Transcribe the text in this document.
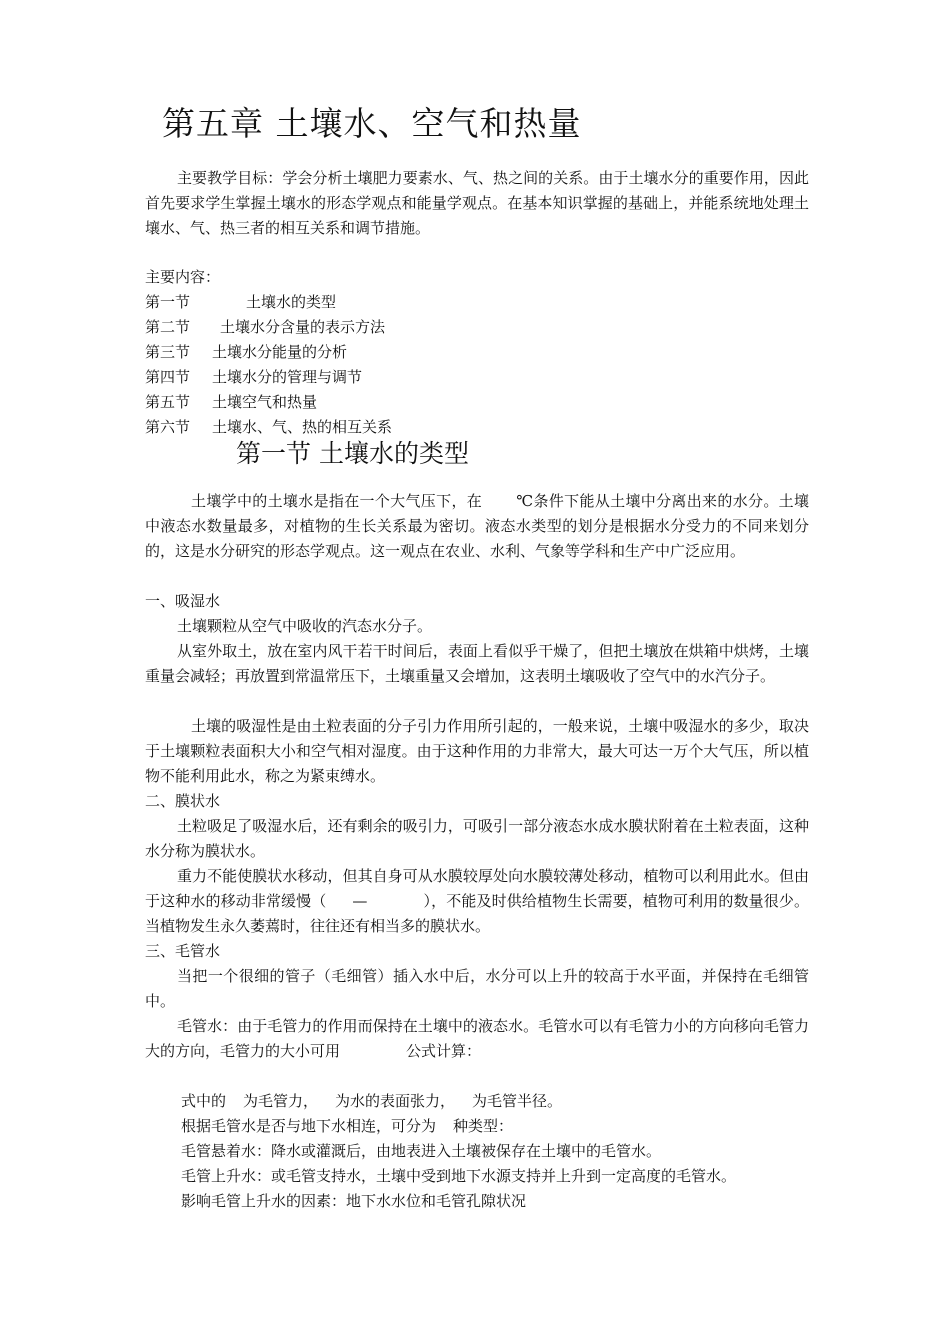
第五章 土壤水、空气和热量
主要教学目标：学会分析土壤肥力要素水、气、热之间的关系。由于土壤水分的重要作用，因此首先要求学生掌握土壤水的形态学观点和能量学观点。在基本知识掌握的基础上，并能系统地处理土壤水、气、热三者的相互关系和调节措施。
主要内容：
第一节	土壤水的类型
第二节 土壤水分含量的表示方法
第三节 土壤水分能量的分析
第四节 土壤水分的管理与调节
第五节 土壤空气和热量
第六节 土壤水、气、热的相互关系
第一节 土壤水的类型
土壤学中的土壤水是指在一个大气压下，在 ℃条件下能从土壤中分离出来的水分。土壤中液态水数量最多，对植物的生长关系最为密切。液态水类型的划分是根据水分受力的不同来划分的，这是水分研究的形态学观点。这一观点在农业、水利、气象等学科和生产中广泛应用。
一、吸湿水
土壤颗粒从空气中吸收的汽态水分子。
从室外取土，放在室内风干若干时间后，表面上看似乎干燥了，但把土壤放在烘箱中烘烤，土壤重量会减轻；再放置到常温常压下，土壤重量又会增加，这表明土壤吸收了空气中的水汽分子。
土壤的吸湿性是由土粒表面的分子引力作用所引起的，一般来说，土壤中吸湿水的多少，取决于土壤颗粒表面积大小和空气相对湿度。由于这种作用的力非常大，最大可达一万个大气压，所以植物不能利用此水，称之为紧束缚水。
二、膜状水
土粒吸足了吸湿水后，还有剩余的吸引力，可吸引一部分液态水成水膜状附着在土粒表面，这种水分称为膜状水。
重力不能使膜状水移动，但其自身可从水膜较厚处向水膜较薄处移动，植物可以利用此水。但由于这种水的移动非常缓慢（ —	），不能及时供给植物生长需要，植物可利用的数量很少。当植物发生永久萎蔫时，往往还有相当多的膜状水。
三、毛管水
当把一个很细的管子（毛细管）插入水中后，水分可以上升的较高于水平面，并保持在毛细管中。
毛管水：由于毛管力的作用而保持在土壤中的液态水。毛管水可以有毛管力小的方向移向毛管力大的方向，毛管力的大小可用	公式计算：
式中的 为毛管力， 为水的表面张力， 为毛管半径。
根据毛管水是否与地下水相连，可分为 种类型：
毛管悬着水：降水或灌溉后，由地表进入土壤被保存在土壤中的毛管水。
毛管上升水：或毛管支持水，土壤中受到地下水源支持并上升到一定高度的毛管水。
影响毛管上升水的因素：地下水水位和毛管孔隙状况
